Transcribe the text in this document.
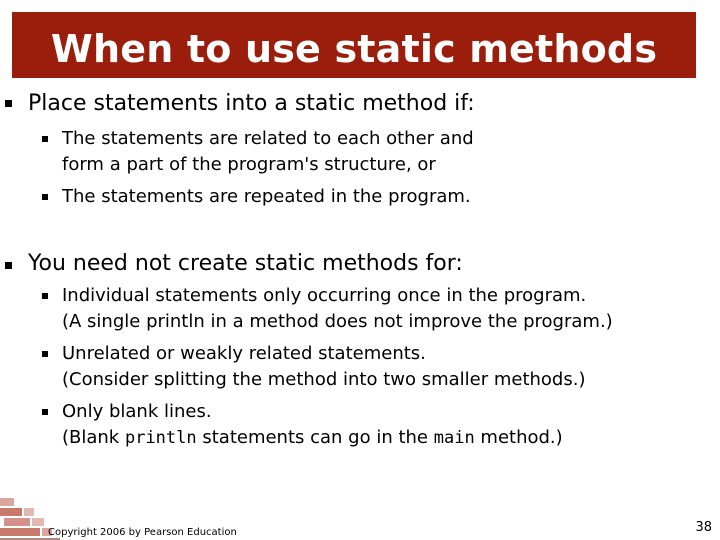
When to use static methods
Place statements into a static method if:
The statements are related to each other and
form a part of the program's structure, or
The statements are repeated in the program.
You need not create static methods for:
Individual statements only occurring once in the program.
(A single println in a method does not improve the program.)
Unrelated or weakly related statements.
(Consider splitting the method into two smaller methods.)
Only blank lines.
(Blank println statements can go in the main method.)
Copyright 2006 by Pearson Education	38
